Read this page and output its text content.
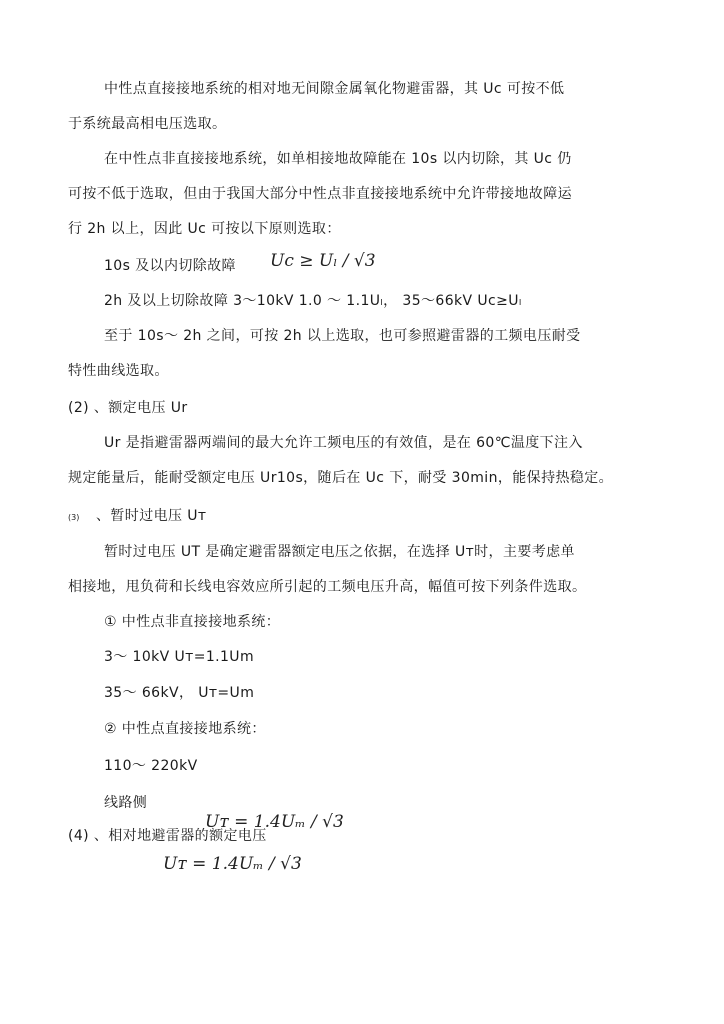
中性点直接接地系统的相对地无间隙金属氧化物避雷器，其 Uc 可按不低
于系统最高相电压选取。
在中性点非直接接地系统，如单相接地故障能在 10s 以内切除，其 Uc 仍
可按不低于选取，但由于我国大部分中性点非直接接地系统中允许带接地故障运
行 2h 以上，因此 Uc 可按以下原则选取：
10s 及以内切除故障 Uc ≥ Uₗ / √3
2h 及以上切除故障 3～10kV 1.0 ～ 1.1Uₗ， 35～66kV Uc≥Uₗ
至于 10s～ 2h 之间，可按 2h 以上选取，也可参照避雷器的工频电压耐受
特性曲线选取。
(2) 、额定电压 Ur
Ur 是指避雷器两端间的最大允许工频电压的有效值，是在 60℃温度下注入
规定能量后，能耐受额定电压 Ur10s，随后在 Uc 下，耐受 30min，能保持热稳定。
(3) 、暂时过电压 Uᴛ
暂时过电压 UT 是确定避雷器额定电压之依据，在选择 Uᴛ时，主要考虑单
相接地，甩负荷和长线电容效应所引起的工频电压升高，幅值可按下列条件选取。
① 中性点非直接接地系统：
3～ 10kV Uᴛ=1.1Um
35～ 66kV， Uᴛ=Um
② 中性点直接接地系统：
110～ 220kV
线路侧
Uᴛ = 1.4Uₘ / √3
(4) 、相对地避雷器的额定电压
Uᴛ = 1.4Uₘ / √3
